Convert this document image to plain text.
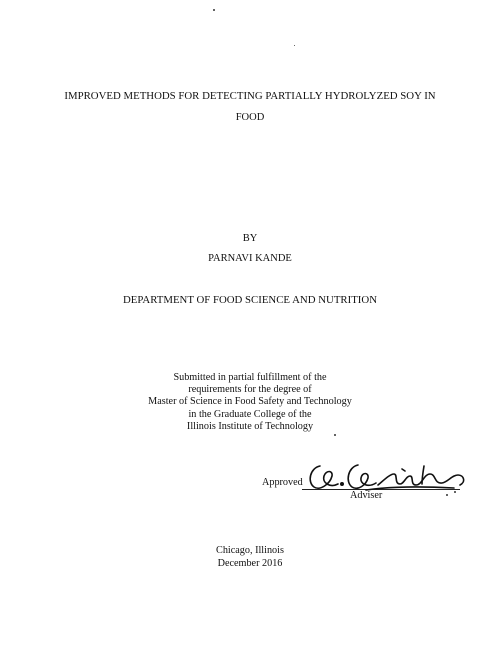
IMPROVED METHODS FOR DETECTING PARTIALLY HYDROLYZED SOY IN
FOOD
BY
PARNAVI KANDE
DEPARTMENT OF FOOD SCIENCE AND NUTRITION
Submitted in partial fulfillment of the
requirements for the degree of
Master of Science in Food Safety and Technology
in the Graduate College of the
Illinois Institute of Technology
Approved
Adviser
Chicago, Illinois
December 2016
